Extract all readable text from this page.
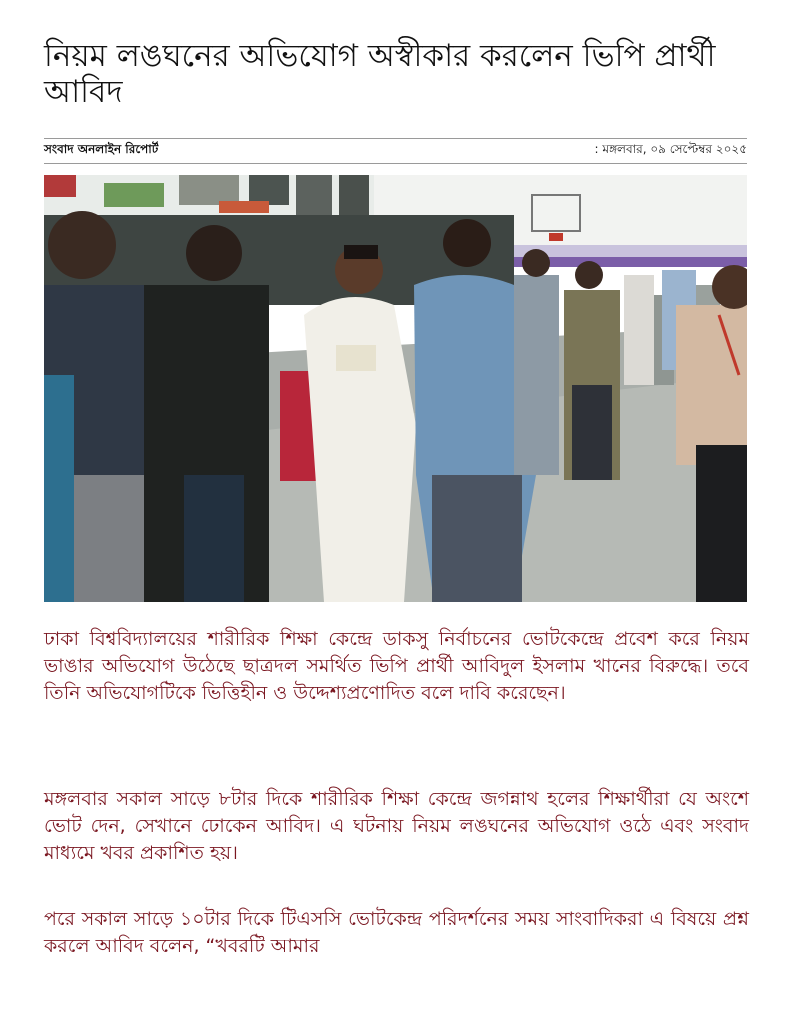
নিয়ম লঙঘনের অভিযোগ অস্বীকার করলেন ভিপি প্রার্থী আবিদ
সংবাদ অনলাইন রিপোর্ট	: মঙ্গলবার, ০৯ সেপ্টেম্বর ২০২৫

ঢাকা বিশ্ববিদ্যালয়ের শারীরিক শিক্ষা কেন্দ্রে ডাকসু নির্বাচনের ভোটকেন্দ্রে প্রবেশ করে নিয়ম ভাঙার অভিযোগ উঠেছে ছাত্রদল সমর্থিত ভিপি প্রার্থী আবিদুল ইসলাম খানের বিরুদ্ধে। তবে তিনি অভিযোগটিকে ভিত্তিহীন ও উদ্দেশ্যপ্রণোদিত বলে দাবি করেছেন।

মঙ্গলবার সকাল সাড়ে ৮টার দিকে শারীরিক শিক্ষা কেন্দ্রে জগন্নাথ হলের শিক্ষার্থীরা যে অংশে ভোট দেন, সেখানে ঢোকেন আবিদ। এ ঘটনায় নিয়ম লঙঘনের অভিযোগ ওঠে এবং সংবাদ মাধ্যমে খবর প্রকাশিত হয়।

পরে সকাল সাড়ে ১০টার দিকে টিএসসি ভোটকেন্দ্র পরিদর্শনের সময় সাংবাদিকরা এ বিষয়ে প্রশ্ন করলে আবিদ বলেন, “খবরটি আমার
